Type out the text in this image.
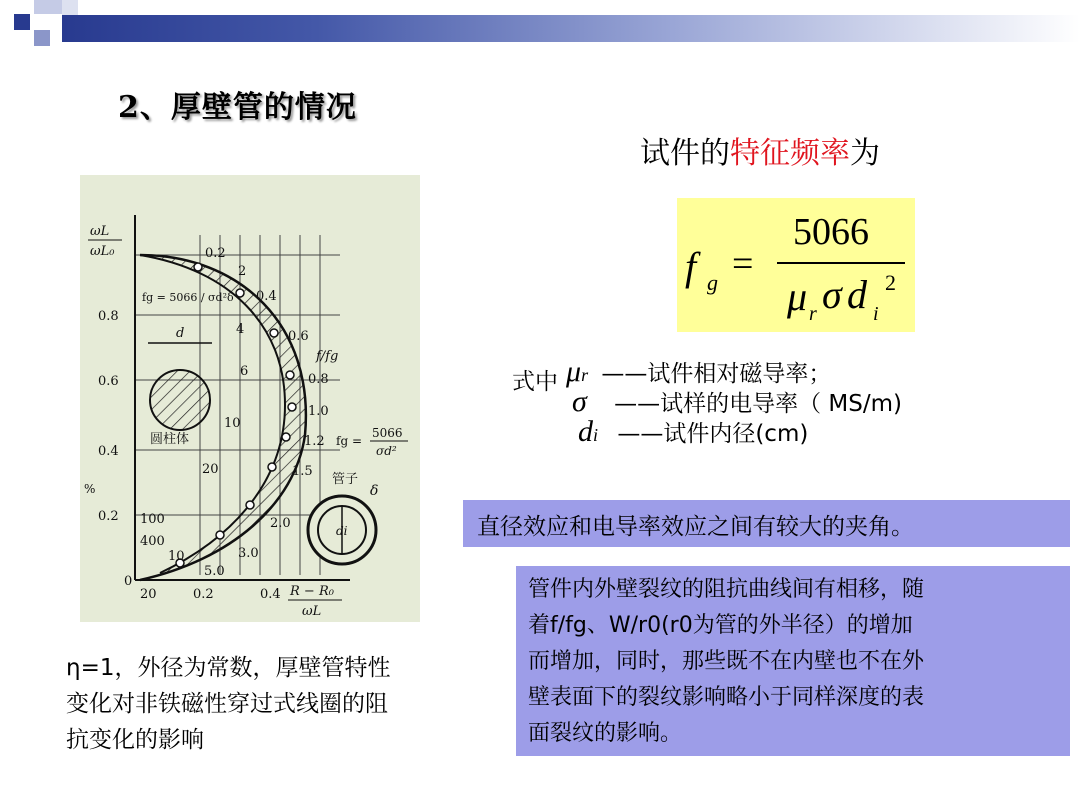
2、厚壁管的情况
试件的特征频率为
f g =
5066
μ r σ d i
2
式中 μr ——试件相对磁导率；
σ ——试样的电导率（ MS/m)
di ——试件内径(cm)
直径效应和电导率效应之间有较大的夹角。
管件内外壁裂纹的阻抗曲线间有相移，随
着f/fg、W/r0(r0为管的外半径）的增加
而增加，同时，那些既不在内壁也不在外
壁表面下的裂纹影响略小于同样深度的表
面裂纹的影响。
η=1，外径为常数，厚壁管特性
变化对非铁磁性穿过式线圈的阻
抗变化的影响
ωL
ωL₀
0.8
0.6
0.4
0.2
0
20	0.2	0.4 R − R₀
ωL
0.2
0.4
0.6
0.8
1.0
1.2
1.5
2.0
3.0
5.0
2
4
6
10
20
100
400
10
fg = 5066 / σd²δ
fg =
5066
σd²
圆柱体
管子
f/fg
d
di
δ
%
